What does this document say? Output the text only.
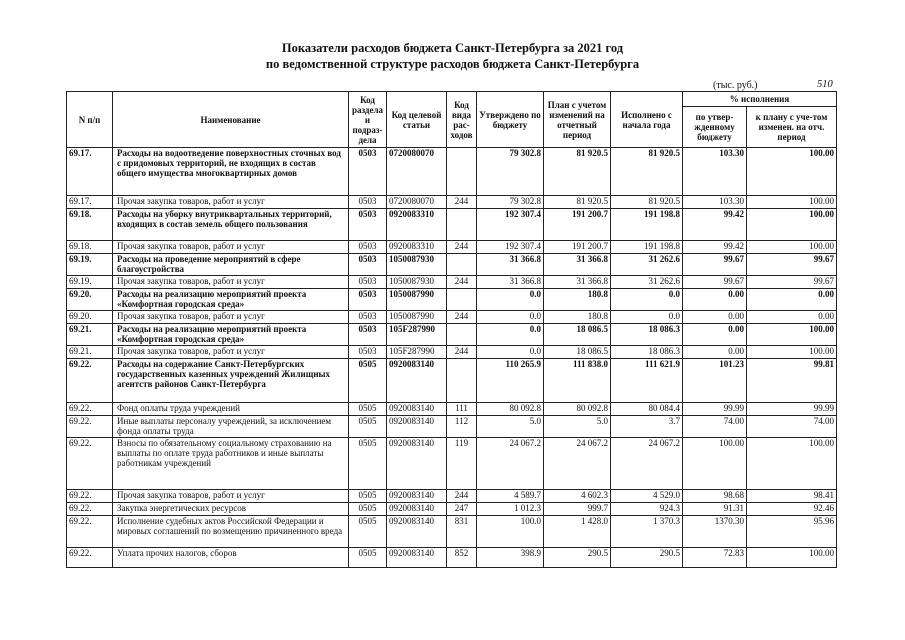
Показатели расходов бюджета Санкт-Петербурга за 2021 год
по ведомственной структуре расходов бюджета Санкт-Петербурга
(тыс. руб.)	510
N п/п	Наименование	Код раздела и подраз-дела	Код целевой статьи	Код вида рас-ходов	Утверждено по бюджету	План с учетом изменений на отчетный период	Исполнено с начала года	% исполнения	
								по утвер-жденному бюджету	к плану с уче-том изменен. на отч. период
69.17.	Расходы на водоотведение поверхностных сточных вод с придомовых территорий, не входящих в состав общего имущества многоквартирных домов	0503	0720080070		79 302.8	81 920.5	81 920.5	103.30	100.00
69.17.	Прочая закупка товаров, работ и услуг	0503	0720080070	244	79 302.8	81 920.5	81 920.5	103.30	100.00
69.18.	Расходы на уборку внутриквартальных территорий, входящих в состав земель общего пользования	0503	0920083310		192 307.4	191 200.7	191 198.8	99.42	100.00
69.18.	Прочая закупка товаров, работ и услуг	0503	0920083310	244	192 307.4	191 200.7	191 198.8	99.42	100.00
69.19.	Расходы на проведение мероприятий в сфере благоустройства	0503	1050087930		31 366.8	31 366.8	31 262.6	99.67	99.67
69.19.	Прочая закупка товаров, работ и услуг	0503	1050087930	244	31 366.8	31 366.8	31 262.6	99.67	99.67
69.20.	Расходы на реализацию мероприятий проекта «Комфортная городская среда»	0503	1050087990		0.0	180.8	0.0	0.00	0.00
69.20.	Прочая закупка товаров, работ и услуг	0503	1050087990	244	0.0	180.8	0.0	0.00	0.00
69.21.	Расходы на реализацию мероприятий проекта «Комфортная городская среда»	0503	105F287990		0.0	18 086.5	18 086.3	0.00	100.00
69.21.	Прочая закупка товаров, работ и услуг	0503	105F287990	244	0.0	18 086.5	18 086.3	0.00	100.00
69.22.	Расходы на содержание Санкт-Петербургских государственных казенных учреждений Жилищных агентств районов Санкт-Петербурга	0505	0920083140		110 265.9	111 838.0	111 621.9	101.23	99.81
69.22.	Фонд оплаты труда учреждений	0505	0920083140	111	80 092.8	80 092.8	80 084.4	99.99	99.99
69.22.	Иные выплаты персоналу учреждений, за исключением фонда оплаты труда	0505	0920083140	112	5.0	5.0	3.7	74.00	74.00
69.22.	Взносы по обязательному социальному страхованию на выплаты по оплате труда работников и иные выплаты работникам учреждений	0505	0920083140	119	24 067.2	24 067.2	24 067.2	100.00	100.00
69.22.	Прочая закупка товаров, работ и услуг	0505	0920083140	244	4 589.7	4 602.3	4 529.0	98.68	98.41
69.22.	Закупка энергетических ресурсов	0505	0920083140	247	1 012.3	999.7	924.3	91.31	92.46
69.22.	Исполнение судебных актов Российской Федерации и мировых соглашений по возмещению причиненного вреда	0505	0920083140	831	100.0	1 428.0	1 370.3	1370.30	95.96
69.22.	Уплата прочих налогов, сборов	0505	0920083140	852	398.9	290.5	290.5	72.83	100.00
